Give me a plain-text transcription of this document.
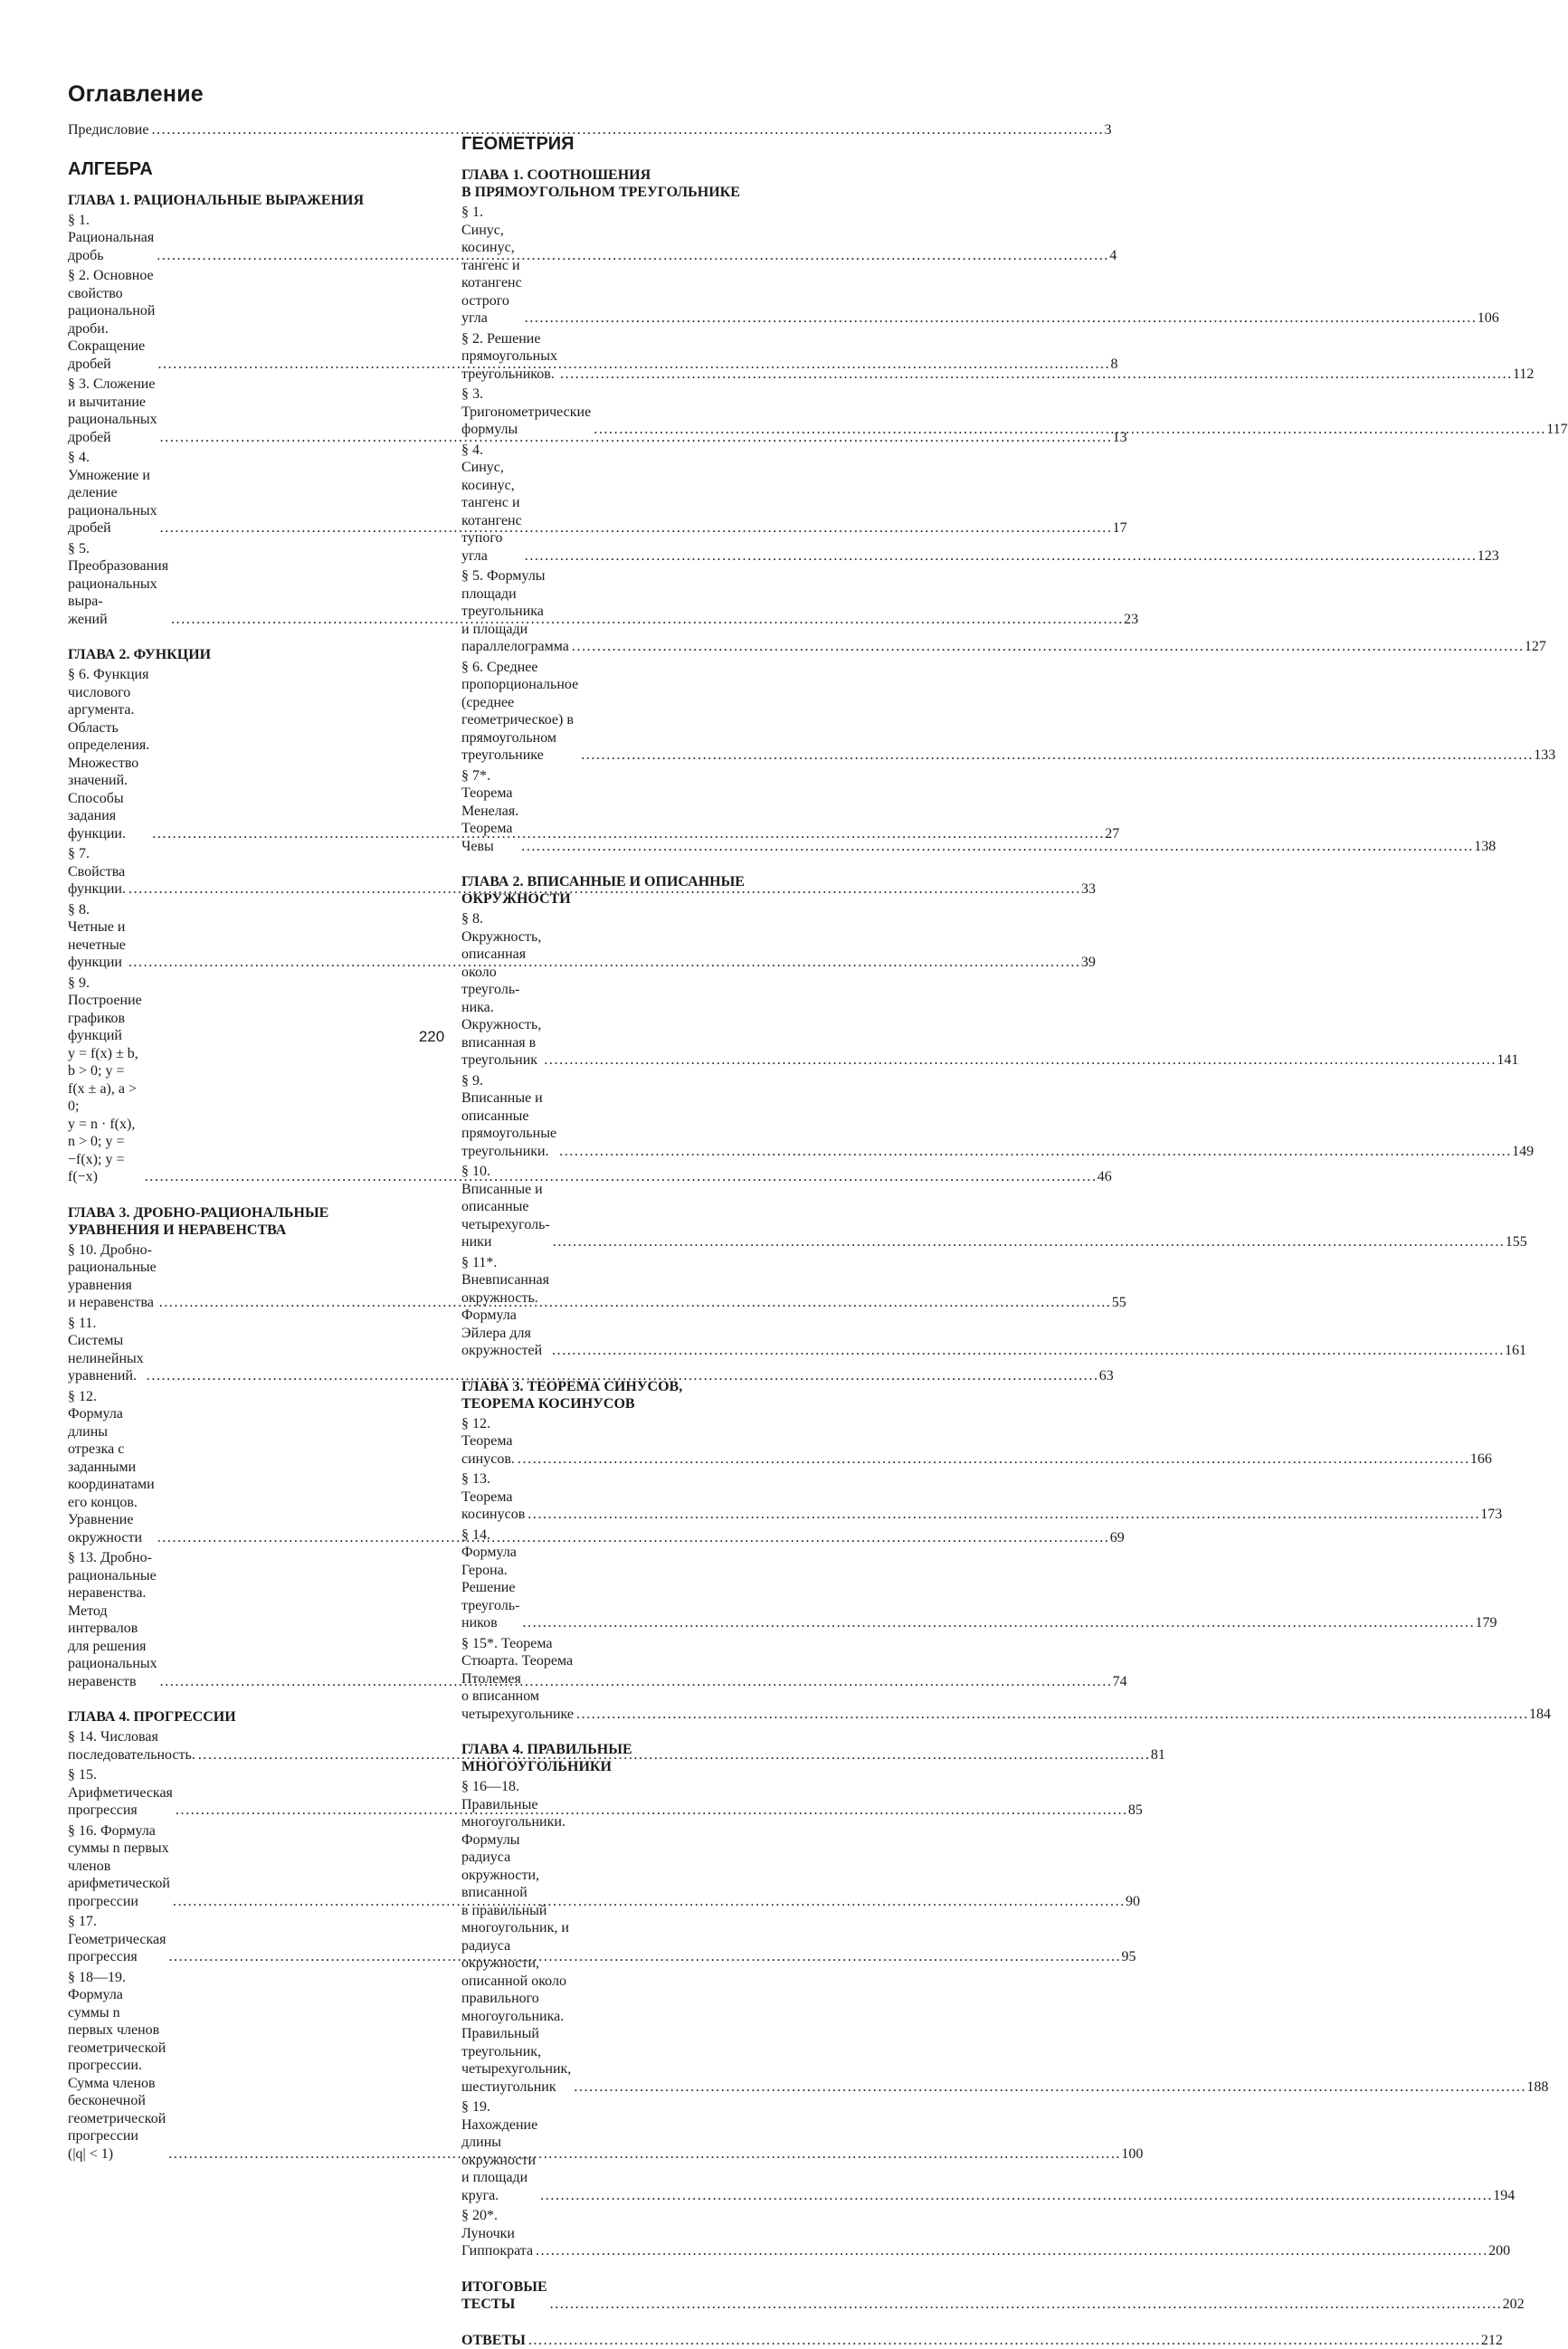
Оглавление
Предисловие . . .	3
АЛГЕБРА
ГЛАВА 1. РАЦИОНАЛЬНЫЕ ВЫРАЖЕНИЯ
§ 1. Рациональная дробь . . .	4
§ 2. Основное свойство рациональной дроби.
Сокращение дробей . . .	8
§ 3. Сложение и вычитание рациональных
дробей . . .	13
§ 4. Умножение и деление рациональных
дробей . . .	17
§ 5. Преобразования рациональных выра-
жений . . .	23
ГЛАВА 2. ФУНКЦИИ
§ 6. Функция числового аргумента.
Область определения. Множество значений.
Способы задания функции. . . .	27
§ 7. Свойства функции. . . .	33
§ 8. Четные и нечетные функции . . .	39
§ 9. Построение графиков функций
y = f(x) ± b, b > 0; y = f(x ± a), a > 0;
y = n · f(x), n > 0; y = −f(x); y = f(−x) . . .	46
ГЛАВА 3. ДРОБНО-РАЦИОНАЛЬНЫЕ
УРАВНЕНИЯ И НЕРАВЕНСТВА
§ 10. Дробно-рациональные уравнения
и неравенства . . .	55
§ 11. Системы нелинейных уравнений. . . .	63
§ 12. Формула длины отрезка с заданными
координатами его концов. Уравнение
окружности . . .	69
§ 13. Дробно-рациональные неравенства.
Метод интервалов для решения рациональных
неравенств . . .	74
ГЛАВА 4. ПРОГРЕССИИ
§ 14. Числовая последовательность. . . .	81
§ 15. Арифметическая прогрессия . . .	85
§ 16. Формула суммы n первых членов
арифметической прогрессии . . .	90
§ 17. Геометрическая прогрессия . . .	95
§ 18—19. Формула суммы n первых членов
геометрической прогрессии. Сумма членов
бесконечной геометрической прогрессии
(|q| < 1) . . .	100
ГЕОМЕТРИЯ
ГЛАВА 1. СООТНОШЕНИЯ
В ПРЯМОУГОЛЬНОМ ТРЕУГОЛЬНИКЕ
§ 1. Синус, косинус, тангенс и котангенс
острого угла . . .	106
§ 2. Решение прямоугольных треугольников. . . .	112
§ 3. Тригонометрические формулы . . .	117
§ 4. Синус, косинус, тангенс и котангенс
тупого угла . . .	123
§ 5. Формулы площади треугольника
и площади параллелограмма . . .	127
§ 6. Среднее пропорциональное (среднее
геометрическое) в прямоугольном
треугольнике . . .	133
§ 7*. Теорема Менелая. Теорема Чевы . . .	138
ГЛАВА 2. ВПИСАННЫЕ И ОПИСАННЫЕ
ОКРУЖНОСТИ
§ 8. Окружность, описанная около треуголь-
ника. Окружность, вписанная в треугольник . . .	141
§ 9. Вписанные и описанные прямоугольные
треугольники. . . .	149
§ 10. Вписанные и описанные четырехуголь-
ники . . .	155
§ 11*. Вневписанная окружность. Формула
Эйлера для окружностей . . .	161
ГЛАВА 3. ТЕОРЕМА СИНУСОВ,
ТЕОРЕМА КОСИНУСОВ
§ 12. Теорема синусов. . . .	166
§ 13. Теорема косинусов . . .	173
§ 14. Формула Герона. Решение треуголь-
ников . . .	179
§ 15*. Теорема Стюарта. Теорема Птолемея
о вписанном четырехугольнике . . .	184
ГЛАВА 4. ПРАВИЛЬНЫЕ
МНОГОУГОЛЬНИКИ
§ 16—18. Правильные многоугольники.
Формулы радиуса окружности, вписанной
в правильный многоугольник, и радиуса
окружности, описанной около правильного
многоугольника. Правильный треугольник,
четырехугольник, шестиугольник . . .	188
§ 19. Нахождение длины окружности
и площади круга. . . .	194
§ 20*. Луночки Гиппократа . . .	200
ИТОГОВЫЕ ТЕСТЫ . . .	202
ОТВЕТЫ . . .	212
220
